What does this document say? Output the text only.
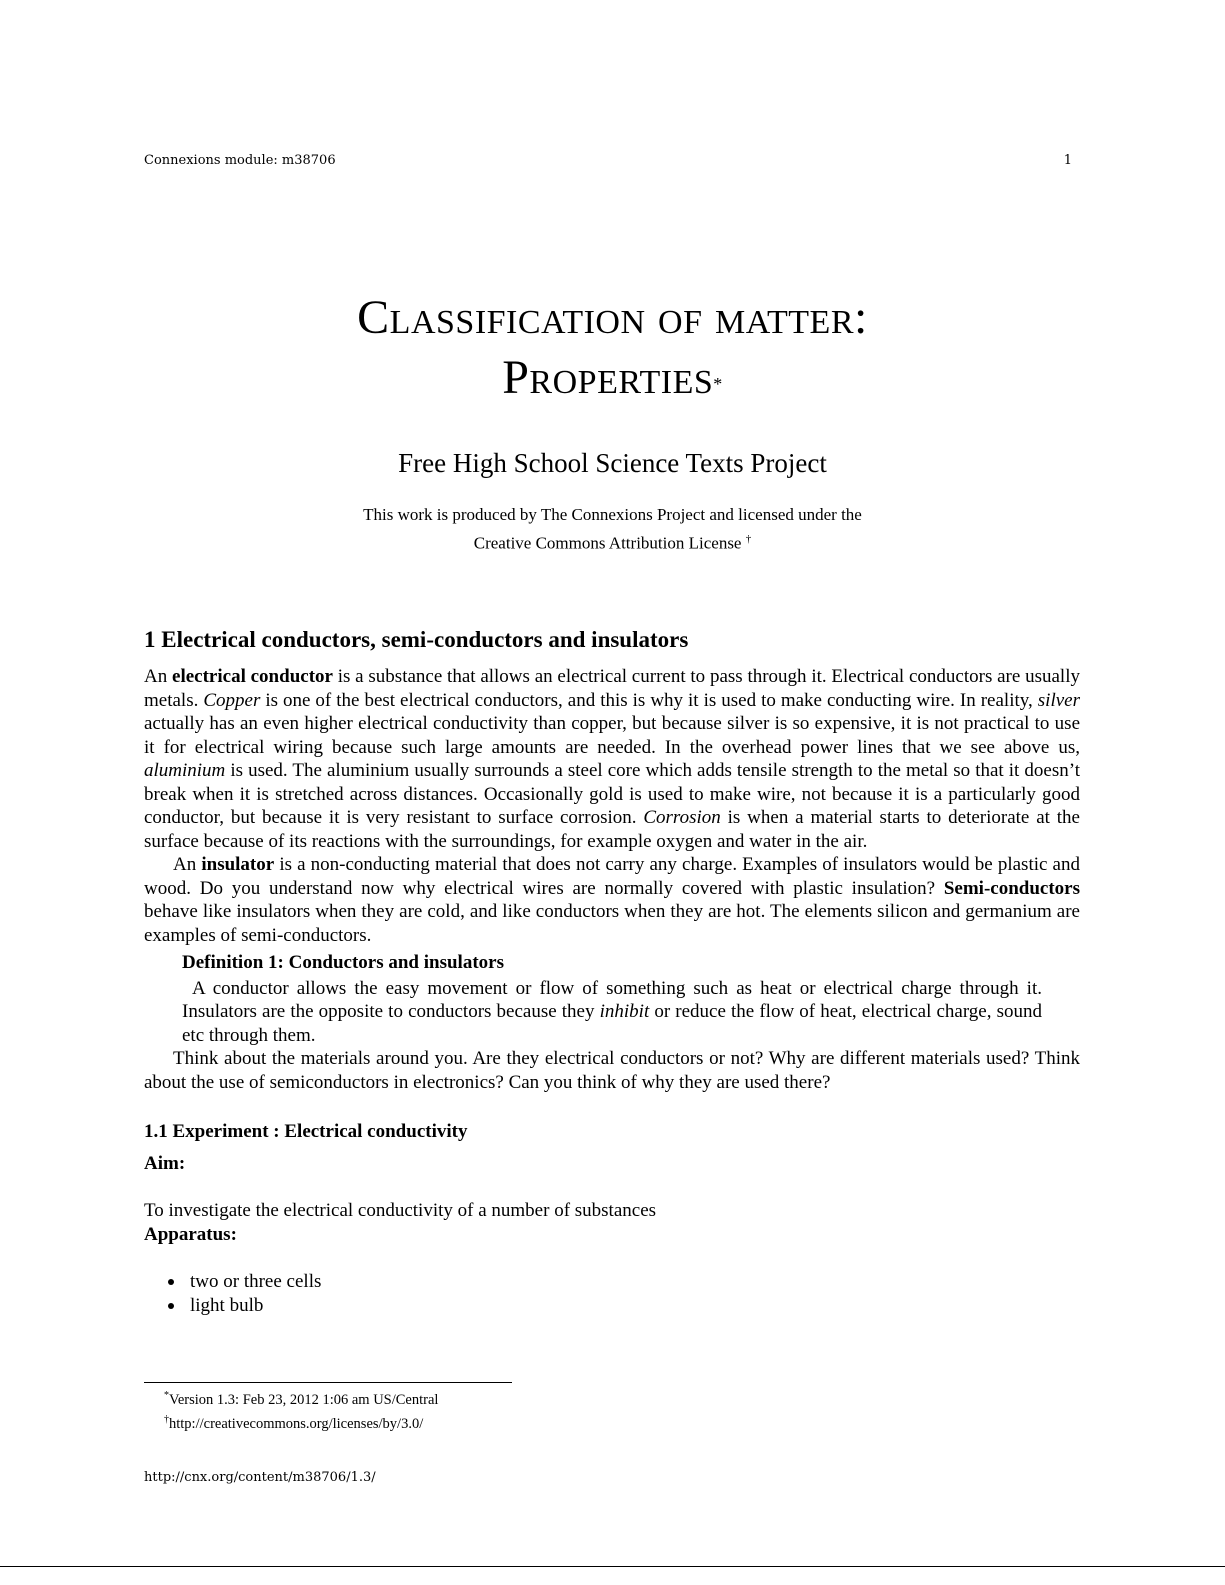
Connexions module: m38706	1
Classification of matter:
Properties*
Free High School Science Texts Project
This work is produced by The Connexions Project and licensed under the
Creative Commons Attribution License †
1 Electrical conductors, semi-conductors and insulators

An electrical conductor is a substance that allows an electrical current to pass through it. Electrical conductors are usually metals. Copper is one of the best electrical conductors, and this is why it is used to make conducting wire. In reality, silver actually has an even higher electrical conductivity than copper, but because silver is so expensive, it is not practical to use it for electrical wiring because such large amounts are needed. In the overhead power lines that we see above us, aluminium is used. The aluminium usually surrounds a steel core which adds tensile strength to the metal so that it doesn’t break when it is stretched across distances. Occasionally gold is used to make wire, not because it is a particularly good conductor, but because it is very resistant to surface corrosion. Corrosion is when a material starts to deteriorate at the surface because of its reactions with the surroundings, for example oxygen and water in the air.

An insulator is a non-conducting material that does not carry any charge. Examples of insulators would be plastic and wood. Do you understand now why electrical wires are normally covered with plastic insulation? Semi-conductors behave like insulators when they are cold, and like conductors when they are hot. The elements silicon and germanium are examples of semi-conductors.

Definition 1: Conductors and insulators

A conductor allows the easy movement or flow of something such as heat or electrical charge through it. Insulators are the opposite to conductors because they inhibit or reduce the flow of heat, electrical charge, sound etc through them.

Think about the materials around you. Are they electrical conductors or not? Why are different materials used? Think about the use of semiconductors in electronics? Can you think of why they are used there?

1.1 Experiment : Electrical conductivity

Aim:

To investigate the electrical conductivity of a number of substances

Apparatus:

two or three cells
light bulb
*Version 1.3: Feb 23, 2012 1:06 am US/Central
†http://creativecommons.org/licenses/by/3.0/
http://cnx.org/content/m38706/1.3/
